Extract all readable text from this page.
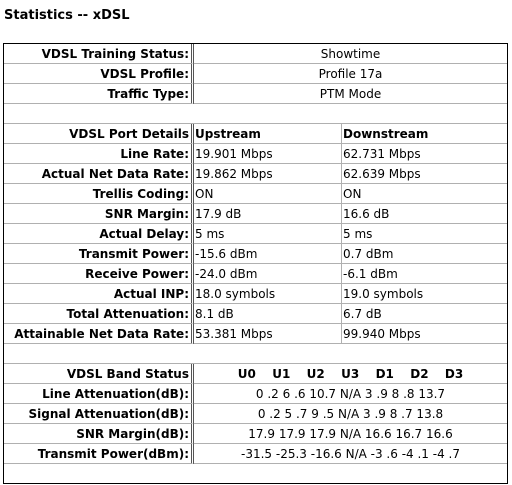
Statistics -- xDSL
VDSL Training Status:	Showtime	
VDSL Profile:	Profile 17a	
Traffic Type:	PTM Mode	

VDSL Port Details	Upstream	Downstream
Line Rate:	19.901 Mbps	62.731 Mbps
Actual Net Data Rate:	19.862 Mbps	62.639 Mbps
Trellis Coding:	ON	ON
SNR Margin:	17.9 dB	16.6 dB
Actual Delay:	5 ms	5 ms
Transmit Power:	-15.6 dBm	0.7 dBm
Receive Power:	-24.0 dBm	-6.1 dBm
Actual INP:	18.0 symbols	19.0 symbols
Total Attenuation:	8.1 dB	6.7 dB
Attainable Net Data Rate:	53.381 Mbps	99.940 Mbps

VDSL Band Status	U0  U1  U2  U3  D1  D2  D3	
Line Attenuation(dB):	0 .2 6 .6 10.7 N/A 3 .9 8 .8 13.7	
Signal Attenuation(dB):	0 .2 5 .7 9 .5 N/A 3 .9 8 .7 13.8	
SNR Margin(dB):	17.9 17.9 17.9 N/A 16.6 16.7 16.6	
Transmit Power(dBm):	-31.5 -25.3 -16.6 N/A -3 .6 -4 .1 -4 .7	
